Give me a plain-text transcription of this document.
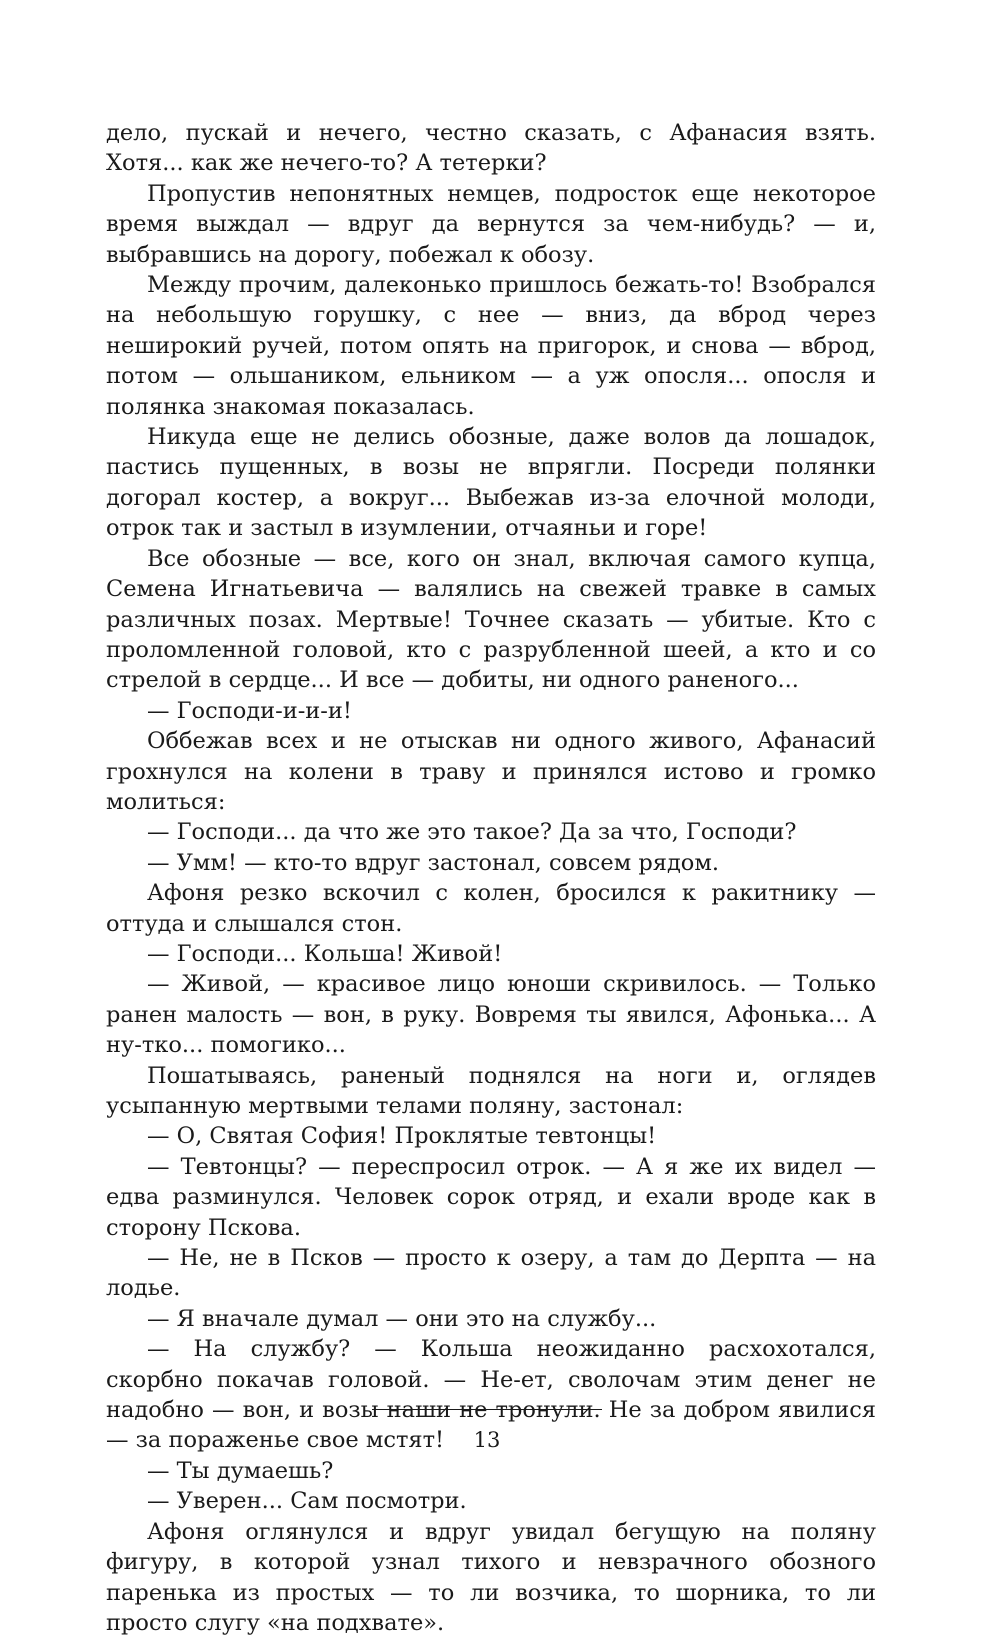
дело, пускай и нечего, честно сказать, с Афанасия взять. Хотя... как же нечего-то? А тетерки?

Пропустив непонятных немцев, подросток еще некоторое время выждал — вдруг да вернутся за чем-нибудь? — и, выбравшись на дорогу, побежал к обозу.

Между прочим, далеконько пришлось бежать-то! Взобрался на небольшую горушку, с нее — вниз, да вброд через неширокий ручей, потом опять на пригорок, и снова — вброд, потом — ольшаником, ельником — а уж опосля... опосля и полянка знакомая показалась.

Никуда еще не делись обозные, даже волов да лошадок, пастись пущенных, в возы не впрягли. Посреди полянки догорал костер, а вокруг... Выбежав из-за елочной молоди, отрок так и застыл в изумлении, отчаяньи и горе!

Все обозные — все, кого он знал, включая самого купца, Семена Игнатьевича — валялись на свежей травке в самых различных позах. Мертвые! Точнее сказать — убитые. Кто с проломленной головой, кто с разрубленной шеей, а кто и со стрелой в сердце... И все — добиты, ни одного раненого...

— Господи-и-и-и!

Оббежав всех и не отыскав ни одного живого, Афанасий грохнулся на колени в траву и принялся истово и громко молиться:

— Господи... да что же это такое? Да за что, Господи?

— Умм! — кто-то вдруг застонал, совсем рядом.

Афоня резко вскочил с колен, бросился к ракитнику — оттуда и слышался стон.

— Господи... Кольша! Живой!

— Живой, — красивое лицо юноши скривилось. — Только ранен малость — вон, в руку. Вовремя ты явился, Афонька... А ну-тко... помогико...

Пошатываясь, раненый поднялся на ноги и, оглядев усыпанную мертвыми телами поляну, застонал:

— О, Святая София! Проклятые тевтонцы!

— Тевтонцы? — переспросил отрок. — А я же их видел — едва разминулся. Человек сорок отряд, и ехали вроде как в сторону Пскова.

— Не, не в Псков — просто к озеру, а там до Дерпта — на лодье.

— Я вначале думал — они это на службу...

— На службу? — Кольша неожиданно расхохотался, скорбно покачав головой. — Не-ет, сволочам этим денег не надобно — вон, и возы наши не тронули. Не за добром явилися — за пораженье свое мстят!

— Ты думаешь?

— Уверен... Сам посмотри.

Афоня оглянулся и вдруг увидал бегущую на поляну фигуру, в которой узнал тихого и невзрачного обозного паренька из простых — то ли возчика, то шорника, то ли просто слугу «на подхвате».

13
